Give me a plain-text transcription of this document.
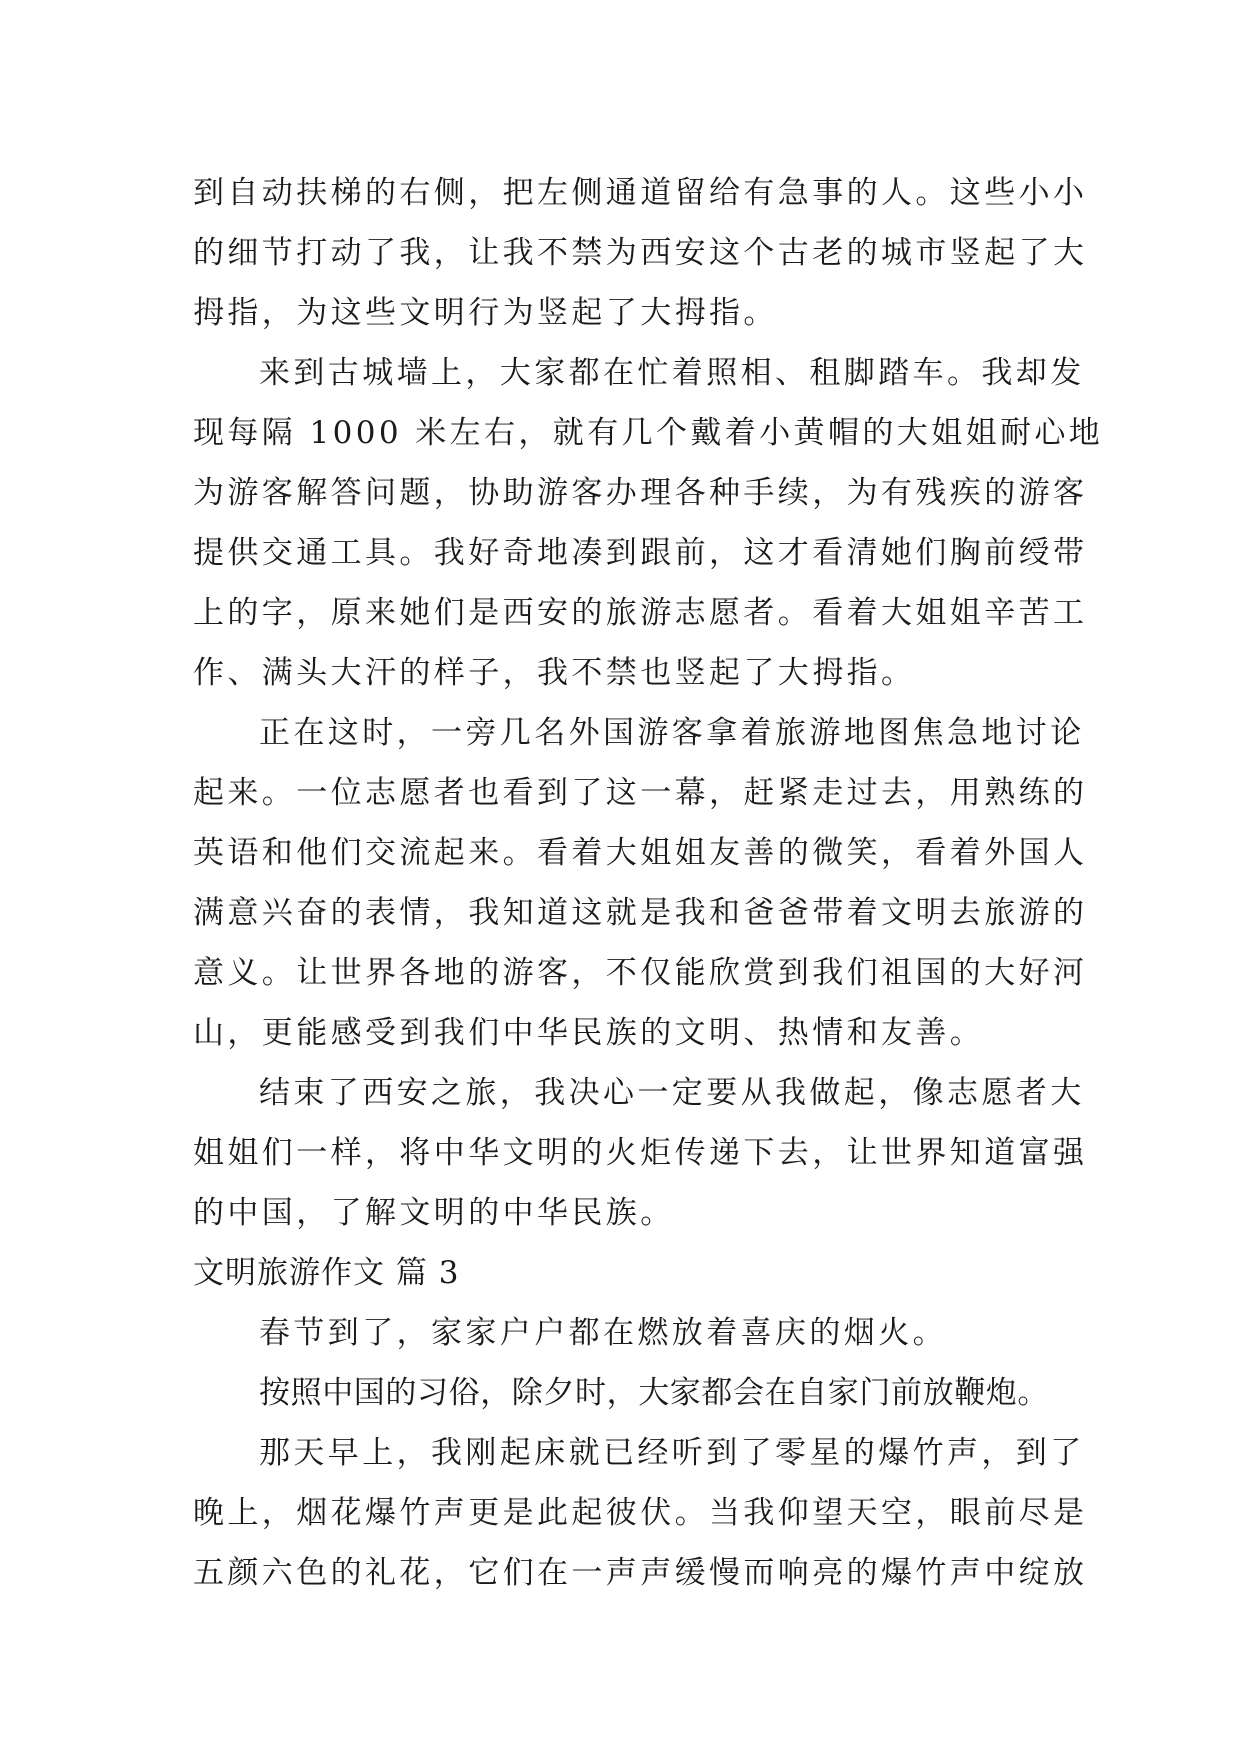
到自动扶梯的右侧，把左侧通道留给有急事的人。这些小小
的细节打动了我，让我不禁为西安这个古老的城市竖起了大
拇指，为这些文明行为竖起了大拇指。
来到古城墙上，大家都在忙着照相、租脚踏车。我却发
现每隔 1000 米左右，就有几个戴着小黄帽的大姐姐耐心地
为游客解答问题，协助游客办理各种手续，为有残疾的游客
提供交通工具。我好奇地凑到跟前，这才看清她们胸前绶带
上的字，原来她们是西安的旅游志愿者。看着大姐姐辛苦工
作、满头大汗的样子，我不禁也竖起了大拇指。
正在这时，一旁几名外国游客拿着旅游地图焦急地讨论
起来。一位志愿者也看到了这一幕，赶紧走过去，用熟练的
英语和他们交流起来。看着大姐姐友善的微笑，看着外国人
满意兴奋的表情，我知道这就是我和爸爸带着文明去旅游的
意义。让世界各地的游客，不仅能欣赏到我们祖国的大好河
山，更能感受到我们中华民族的文明、热情和友善。
结束了西安之旅，我决心一定要从我做起，像志愿者大
姐姐们一样，将中华文明的火炬传递下去，让世界知道富强
的中国，了解文明的中华民族。
文明旅游作文 篇 3
春节到了，家家户户都在燃放着喜庆的烟火。
按照中国的习俗，除夕时，大家都会在自家门前放鞭炮。
那天早上，我刚起床就已经听到了零星的爆竹声，到了
晚上，烟花爆竹声更是此起彼伏。当我仰望天空，眼前尽是
五颜六色的礼花，它们在一声声缓慢而响亮的爆竹声中绽放
